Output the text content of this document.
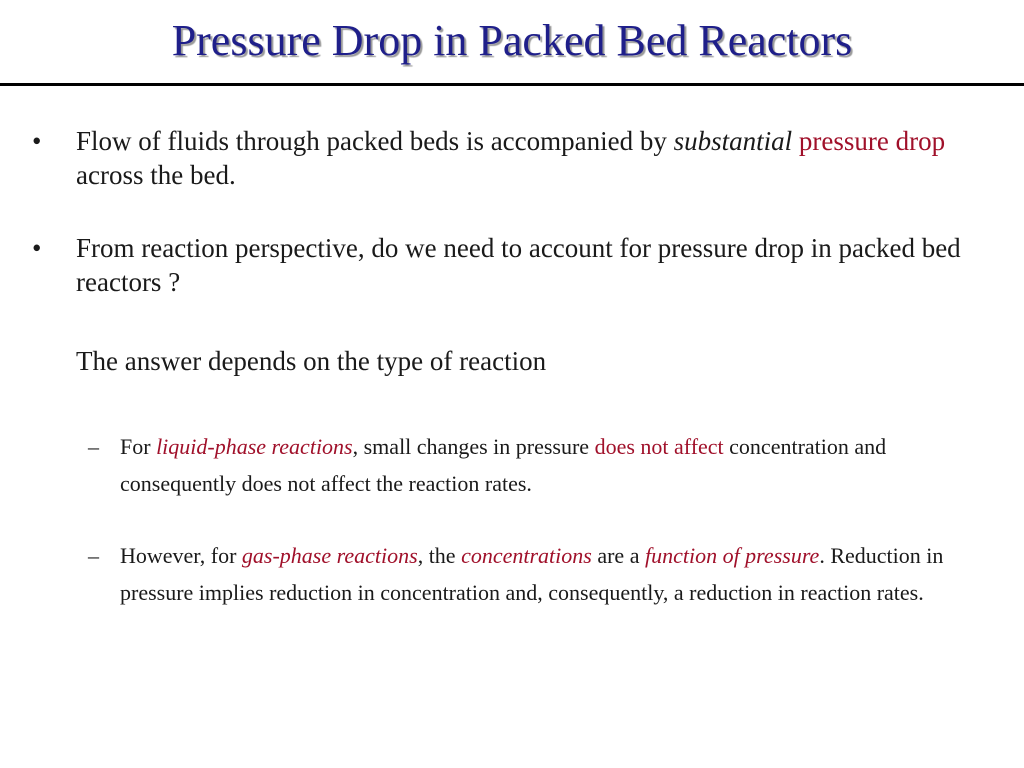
Pressure Drop in Packed Bed Reactors
• Flow of fluids through packed beds is accompanied by substantial pressure drop across the bed.
• From reaction perspective, do we need to account for pressure drop in packed bed reactors ?
The answer depends on the type of reaction
– For liquid-phase reactions, small changes in pressure does not affect concentration and consequently does not affect the reaction rates.
– However, for gas-phase reactions, the concentrations are a function of pressure. Reduction in pressure implies reduction in concentration and, consequently, a reduction in reaction rates.
